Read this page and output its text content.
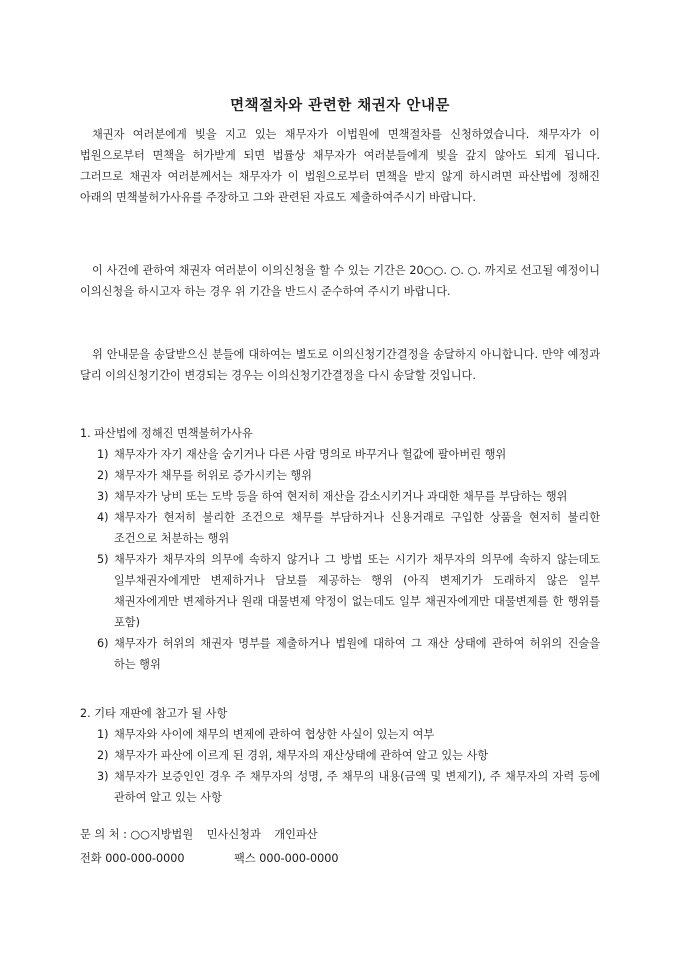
면책절차와 관련한 채권자 안내문
채권자 여러분에게 빚을 지고 있는 채무자가 이법원에 면책절차를 신청하였습니다. 채무자가 이 법원으로부터 면책을 허가받게 되면 법률상 채무자가 여러분들에게 빚을 갚지 않아도 되게 됩니다. 그러므로 채권자 여러분께서는 채무자가 이 법원으로부터 면책을 받지 않게 하시려면 파산법에 정해진 아래의 면책불허가사유를 주장하고 그와 관련된 자료도 제출하여주시기 바랍니다.
이 사건에 관하여 채권자 여러분이 이의신청을 할 수 있는 기간은 20○○. ○. ○. 까지로 선고될 예정이니 이의신청을 하시고자 하는 경우 위 기간을 반드시 준수하여 주시기 바랍니다.
위 안내문을 송달받으신 분들에 대하여는 별도로 이의신청기간결정을 송달하지 아니합니다. 만약 예정과 달리 이의신청기간이 변경되는 경우는 이의신청기간결정을 다시 송달할 것입니다.
1. 파산법에 정해진 면책불허가사유
1) 채무자가 자기 재산을 숨기거나 다른 사람 명의로 바꾸거나 헐값에 팔아버린 행위
2) 채무자가 채무를 허위로 증가시키는 행위
3) 채무자가 낭비 또는 도박 등을 하여 현저히 재산을 감소시키거나 과대한 채무를 부담하는 행위
4) 채무자가 현저히 불리한 조건으로 채무를 부담하거나 신용거래로 구입한 상품을 현저히 불리한 조건으로 처분하는 행위
5) 채무자가 채무자의 의무에 속하지 않거나 그 방법 또는 시기가 채무자의 의무에 속하지 않는데도 일부채권자에게만 변제하거나 담보를 제공하는 행위 (아직 변제기가 도래하지 않은 일부 채권자에게만 변제하거나 원래 대물변제 약정이 없는데도 일부 채권자에게만 대물변제를 한 행위를 포함)
6) 채무자가 허위의 채권자 명부를 제출하거나 법원에 대하여 그 재산 상태에 관하여 허위의 진술을 하는 행위
2. 기타 재판에 참고가 될 사항
1) 채무자와 사이에 채무의 변제에 관하여 협상한 사실이 있는지 여부
2) 채무자가 파산에 이르게 된 경위, 채무자의 재산상태에 관하여 알고 있는 사항
3) 채무자가 보증인인 경우 주 채무자의 성명, 주 채무의 내용(금액 및 변제기), 주 채무자의 자력 등에 관하여 알고 있는 사항
문 의 처 : ○○지방법원 민사신청과 개인파산
전화 000-000-0000	팩스 000-000-0000
